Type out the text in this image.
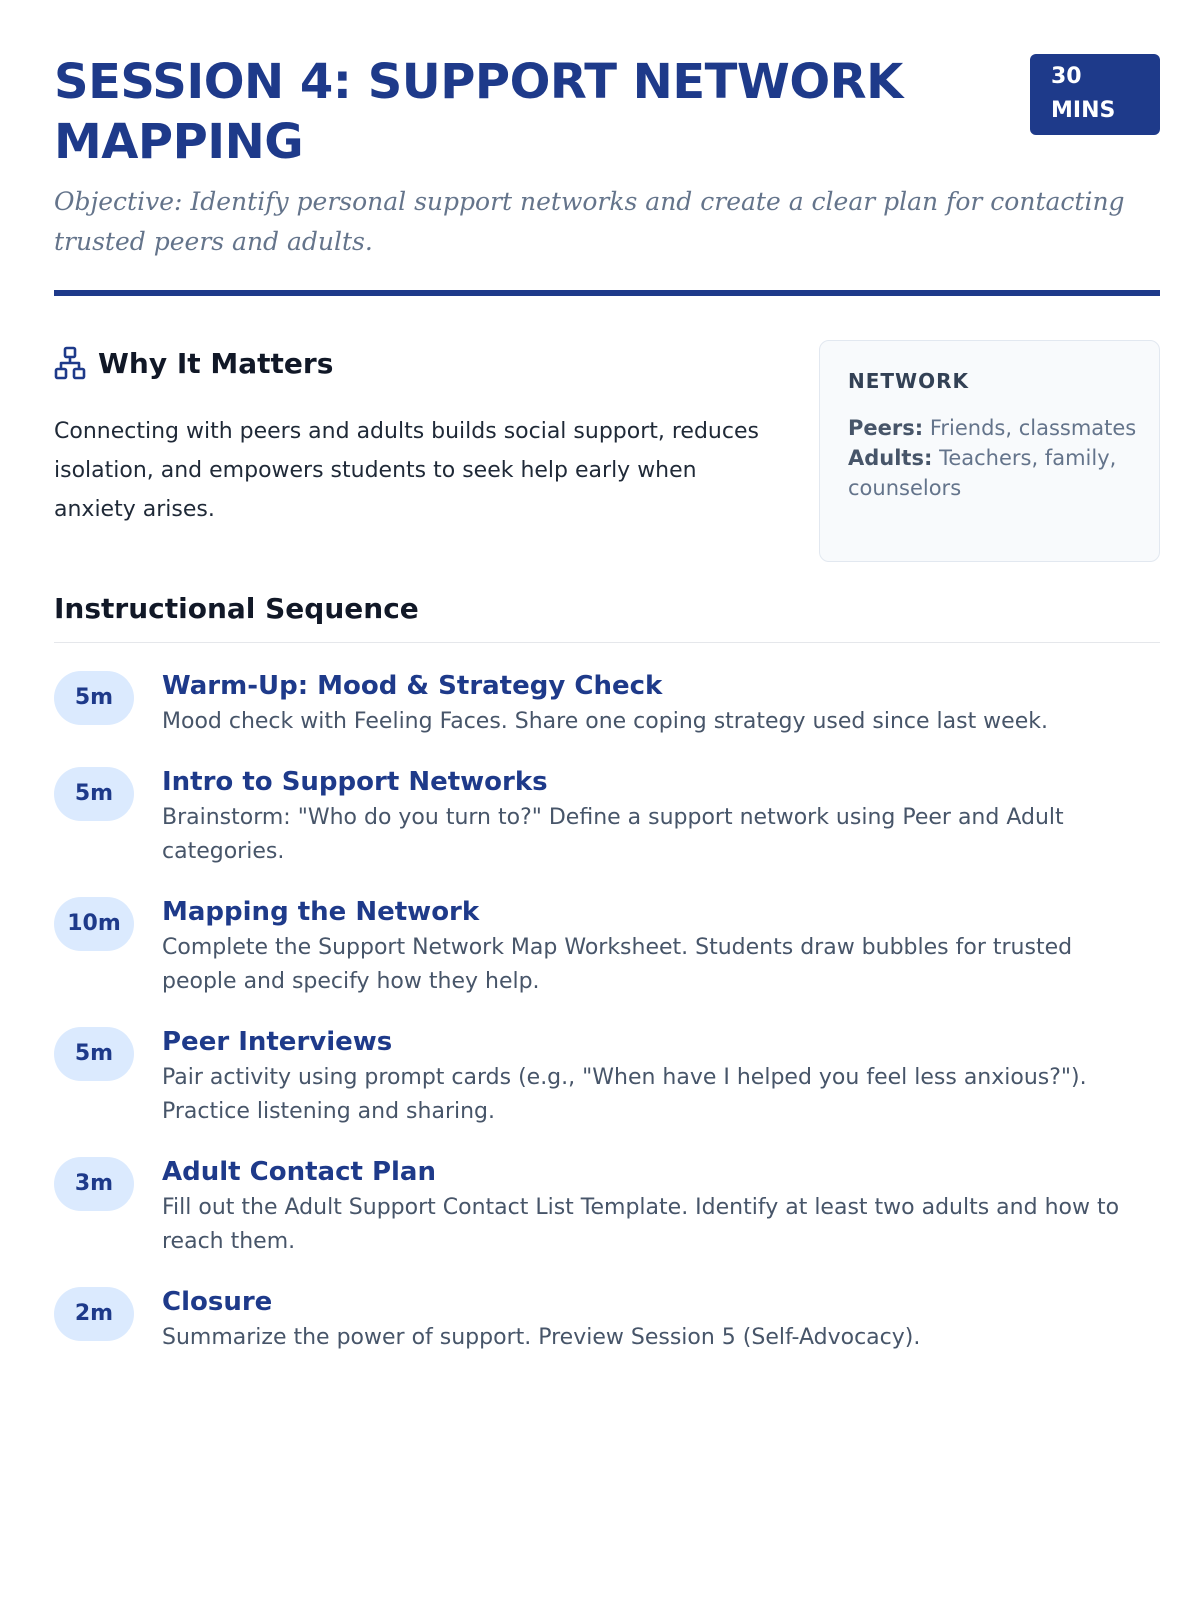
SESSION 4: SUPPORT NETWORK MAPPING
30
MINS

Objective: Identify personal support networks and create a clear plan for contacting trusted peers and adults.

Why It Matters

Connecting with peers and adults builds social support, reduces isolation, and empowers students to seek help early when anxiety arises.

NETWORK

Peers: Friends, classmates

Adults: Teachers, family, counselors

Instructional Sequence
5m	Warm-Up: Mood & Strategy Check

Mood check with Feeling Faces. Share one coping strategy used since last week.

5m	Intro to Support Networks

Brainstorm: "Who do you turn to?" Define a support network using Peer and Adult categories.

10m	Mapping the Network

Complete the Support Network Map Worksheet. Students draw bubbles for trusted people and specify how they help.

5m	Peer Interviews

Pair activity using prompt cards (e.g., "When have I helped you feel less anxious?"). Practice listening and sharing.

3m	Adult Contact Plan

Fill out the Adult Support Contact List Template. Identify at least two adults and how to reach them.

2m	Closure

Summarize the power of support. Preview Session 5 (Self-Advocacy).
